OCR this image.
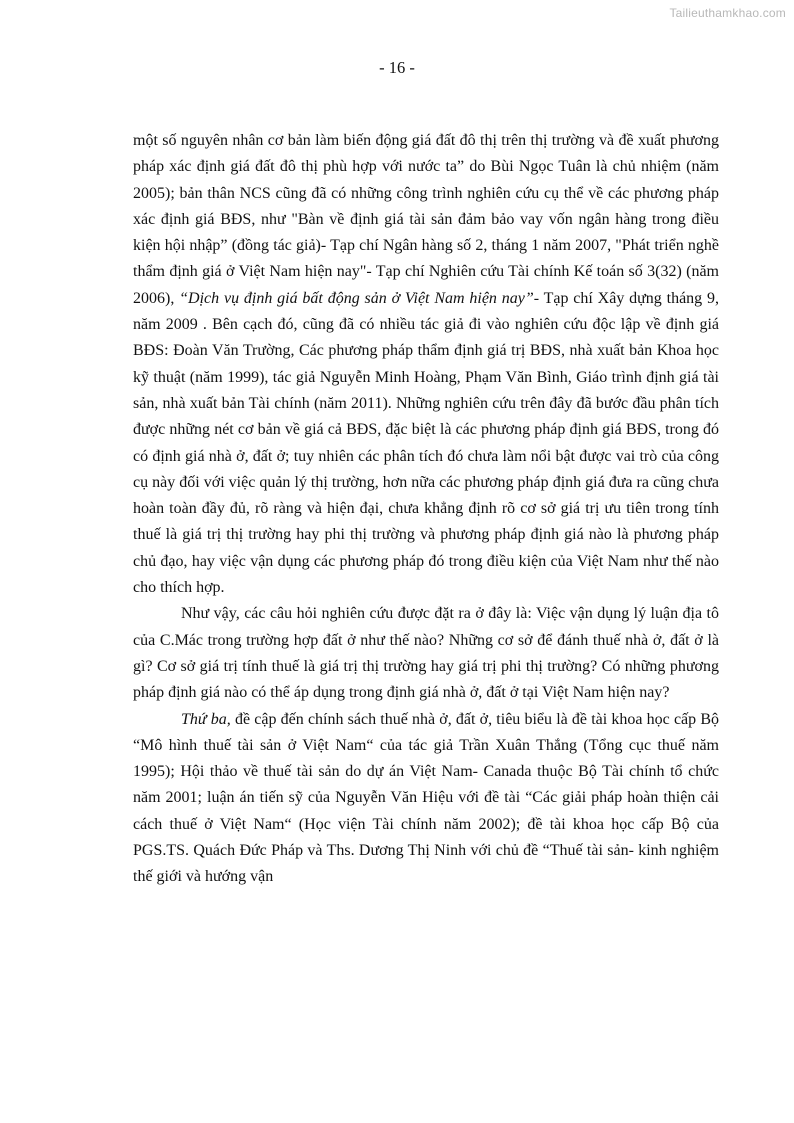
Tailieuthamkhao.com
- 16 -

một số nguyên nhân cơ bản làm biến động giá đất đô thị trên thị trường và đề xuất phương pháp xác định giá đất đô thị phù hợp với nước ta” do Bùi Ngọc Tuân là chủ nhiệm (năm 2005); bản thân NCS cũng đã có những công trình nghiên cứu cụ thể về các phương pháp xác định giá BĐS, như "Bàn về định giá tài sản đảm bảo vay vốn ngân hàng trong điều kiện hội nhập” (đồng tác giả)- Tạp chí Ngân hàng số 2, tháng 1 năm 2007, "Phát triển nghề thẩm định giá ở Việt Nam hiện nay"- Tạp chí Nghiên cứu Tài chính Kế toán số 3(32) (năm 2006), “Dịch vụ định giá bất động sản ở Việt Nam hiện nay”- Tạp chí Xây dựng tháng 9, năm 2009 . Bên cạch đó, cũng đã có nhiều tác giả đi vào nghiên cứu độc lập về định giá BĐS: Đoàn Văn Trường, Các phương pháp thẩm định giá trị BĐS, nhà xuất bản Khoa học kỹ thuật (năm 1999), tác giả Nguyễn Minh Hoàng, Phạm Văn Bình, Giáo trình định giá tài sản, nhà xuất bản Tài chính (năm 2011). Những nghiên cứu trên đây đã bước đầu phân tích được những nét cơ bản về giá cả BĐS, đặc biệt là các phương pháp định giá BĐS, trong đó có định giá nhà ở, đất ở; tuy nhiên các phân tích đó chưa làm nổi bật được vai trò của công cụ này đối với việc quản lý thị trường, hơn nữa các phương pháp định giá đưa ra cũng chưa hoàn toàn đầy đủ, rõ ràng và hiện đại, chưa khẳng định rõ cơ sở giá trị ưu tiên trong tính thuế là giá trị thị trường hay phi thị trường và phương pháp định giá nào là phương pháp chủ đạo, hay việc vận dụng các phương pháp đó trong điều kiện của Việt Nam như thế nào cho thích hợp.

Như vậy, các câu hỏi nghiên cứu được đặt ra ở đây là: Việc vận dụng lý luận địa tô của C.Mác trong trường hợp đất ở như thế nào? Những cơ sở để đánh thuế nhà ở, đất ở là gì? Cơ sở giá trị tính thuế là giá trị thị trường hay giá trị phi thị trường? Có những phương pháp định giá nào có thể áp dụng trong định giá nhà ở, đất ở tại Việt Nam hiện nay?

Thứ ba, đề cập đến chính sách thuế nhà ở, đất ở, tiêu biểu là đề tài khoa học cấp Bộ “Mô hình thuế tài sản ở Việt Nam“ của tác giả Trần Xuân Thắng (Tổng cục thuế năm 1995); Hội thảo về thuế tài sản do dự án Việt Nam- Canada thuộc Bộ Tài chính tổ chức năm 2001; luận án tiến sỹ của Nguyễn Văn Hiệu với đề tài “Các giải pháp hoàn thiện cải cách thuế ở Việt Nam“ (Học viện Tài chính năm 2002); đề tài khoa học cấp Bộ của PGS.TS. Quách Đức Pháp và Ths. Dương Thị Ninh với chủ đề “Thuế tài sản- kinh nghiệm thế giới và hướng vận
